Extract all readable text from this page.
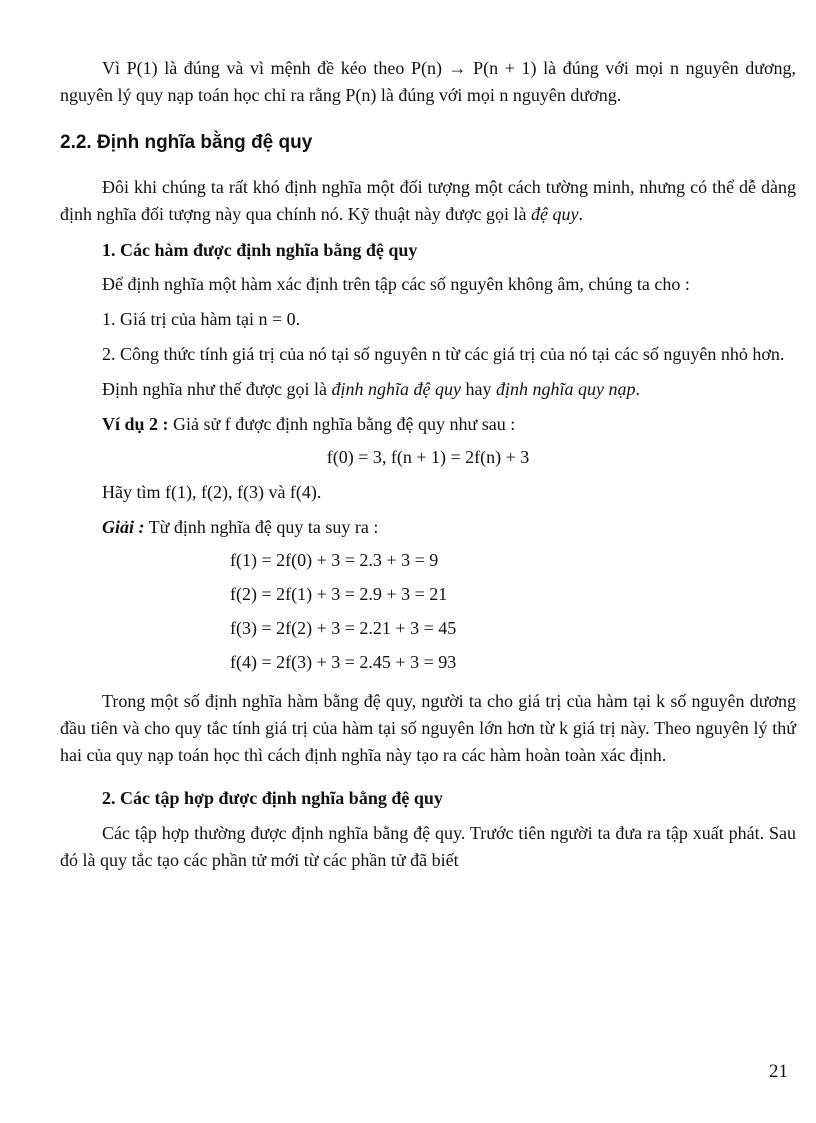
Vì P(1) là đúng và vì mệnh đề kéo theo P(n) → P(n + 1) là đúng với mọi n nguyên dương, nguyên lý quy nạp toán học chỉ ra rằng P(n) là đúng với mọi n nguyên dương.

2.2. Định nghĩa bằng đệ quy

Đôi khi chúng ta rất khó định nghĩa một đối tượng một cách tường minh, nhưng có thể dễ dàng định nghĩa đối tượng này qua chính nó. Kỹ thuật này được gọi là đệ quy.

1. Các hàm được định nghĩa bằng đệ quy

Để định nghĩa một hàm xác định trên tập các số nguyên không âm, chúng ta cho :

1. Giá trị của hàm tại n = 0.

2. Công thức tính giá trị của nó tại số nguyên n từ các giá trị của nó tại các số nguyên nhỏ hơn.

Định nghĩa như thế được gọi là định nghĩa đệ quy hay định nghĩa quy nạp.

Ví dụ 2 : Giả sử f được định nghĩa bằng đệ quy như sau :

f(0) = 3, f(n + 1) = 2f(n) + 3

Hãy tìm f(1), f(2), f(3) và f(4).

Giải : Từ định nghĩa đệ quy ta suy ra :

f(1) = 2f(0) + 3 = 2.3 + 3 = 9

f(2) = 2f(1) + 3 = 2.9 + 3 = 21

f(3) = 2f(2) + 3 = 2.21 + 3 = 45

f(4) = 2f(3) + 3 = 2.45 + 3 = 93

Trong một số định nghĩa hàm bằng đệ quy, người ta cho giá trị của hàm tại k số nguyên dương đầu tiên và cho quy tắc tính giá trị của hàm tại số nguyên lớn hơn từ k giá trị này. Theo nguyên lý thứ hai của quy nạp toán học thì cách định nghĩa này tạo ra các hàm hoàn toàn xác định.

2. Các tập hợp được định nghĩa bằng đệ quy

Các tập hợp thường được định nghĩa bằng đệ quy. Trước tiên người ta đưa ra tập xuất phát. Sau đó là quy tắc tạo các phần tử mới từ các phần tử đã biết

21
